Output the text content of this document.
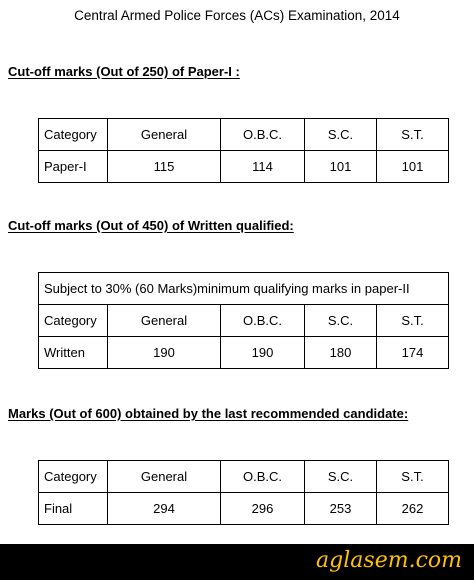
Central Armed Police Forces (ACs) Examination, 2014
Cut-off marks (Out of 250) of Paper-I :
Category	General	O.B.C.	S.C.	S.T.
Paper-I	115	114	101	101
Cut-off marks (Out of 450) of Written qualified:
Subject to 30% (60 Marks)minimum qualifying marks in paper-II				
Category	General	O.B.C.	S.C.	S.T.
Written	190	190	180	174
Marks (Out of 600) obtained by the last recommended candidate:
Category	General	O.B.C.	S.C.	S.T.
Final	294	296	253	262
aglasem.com
